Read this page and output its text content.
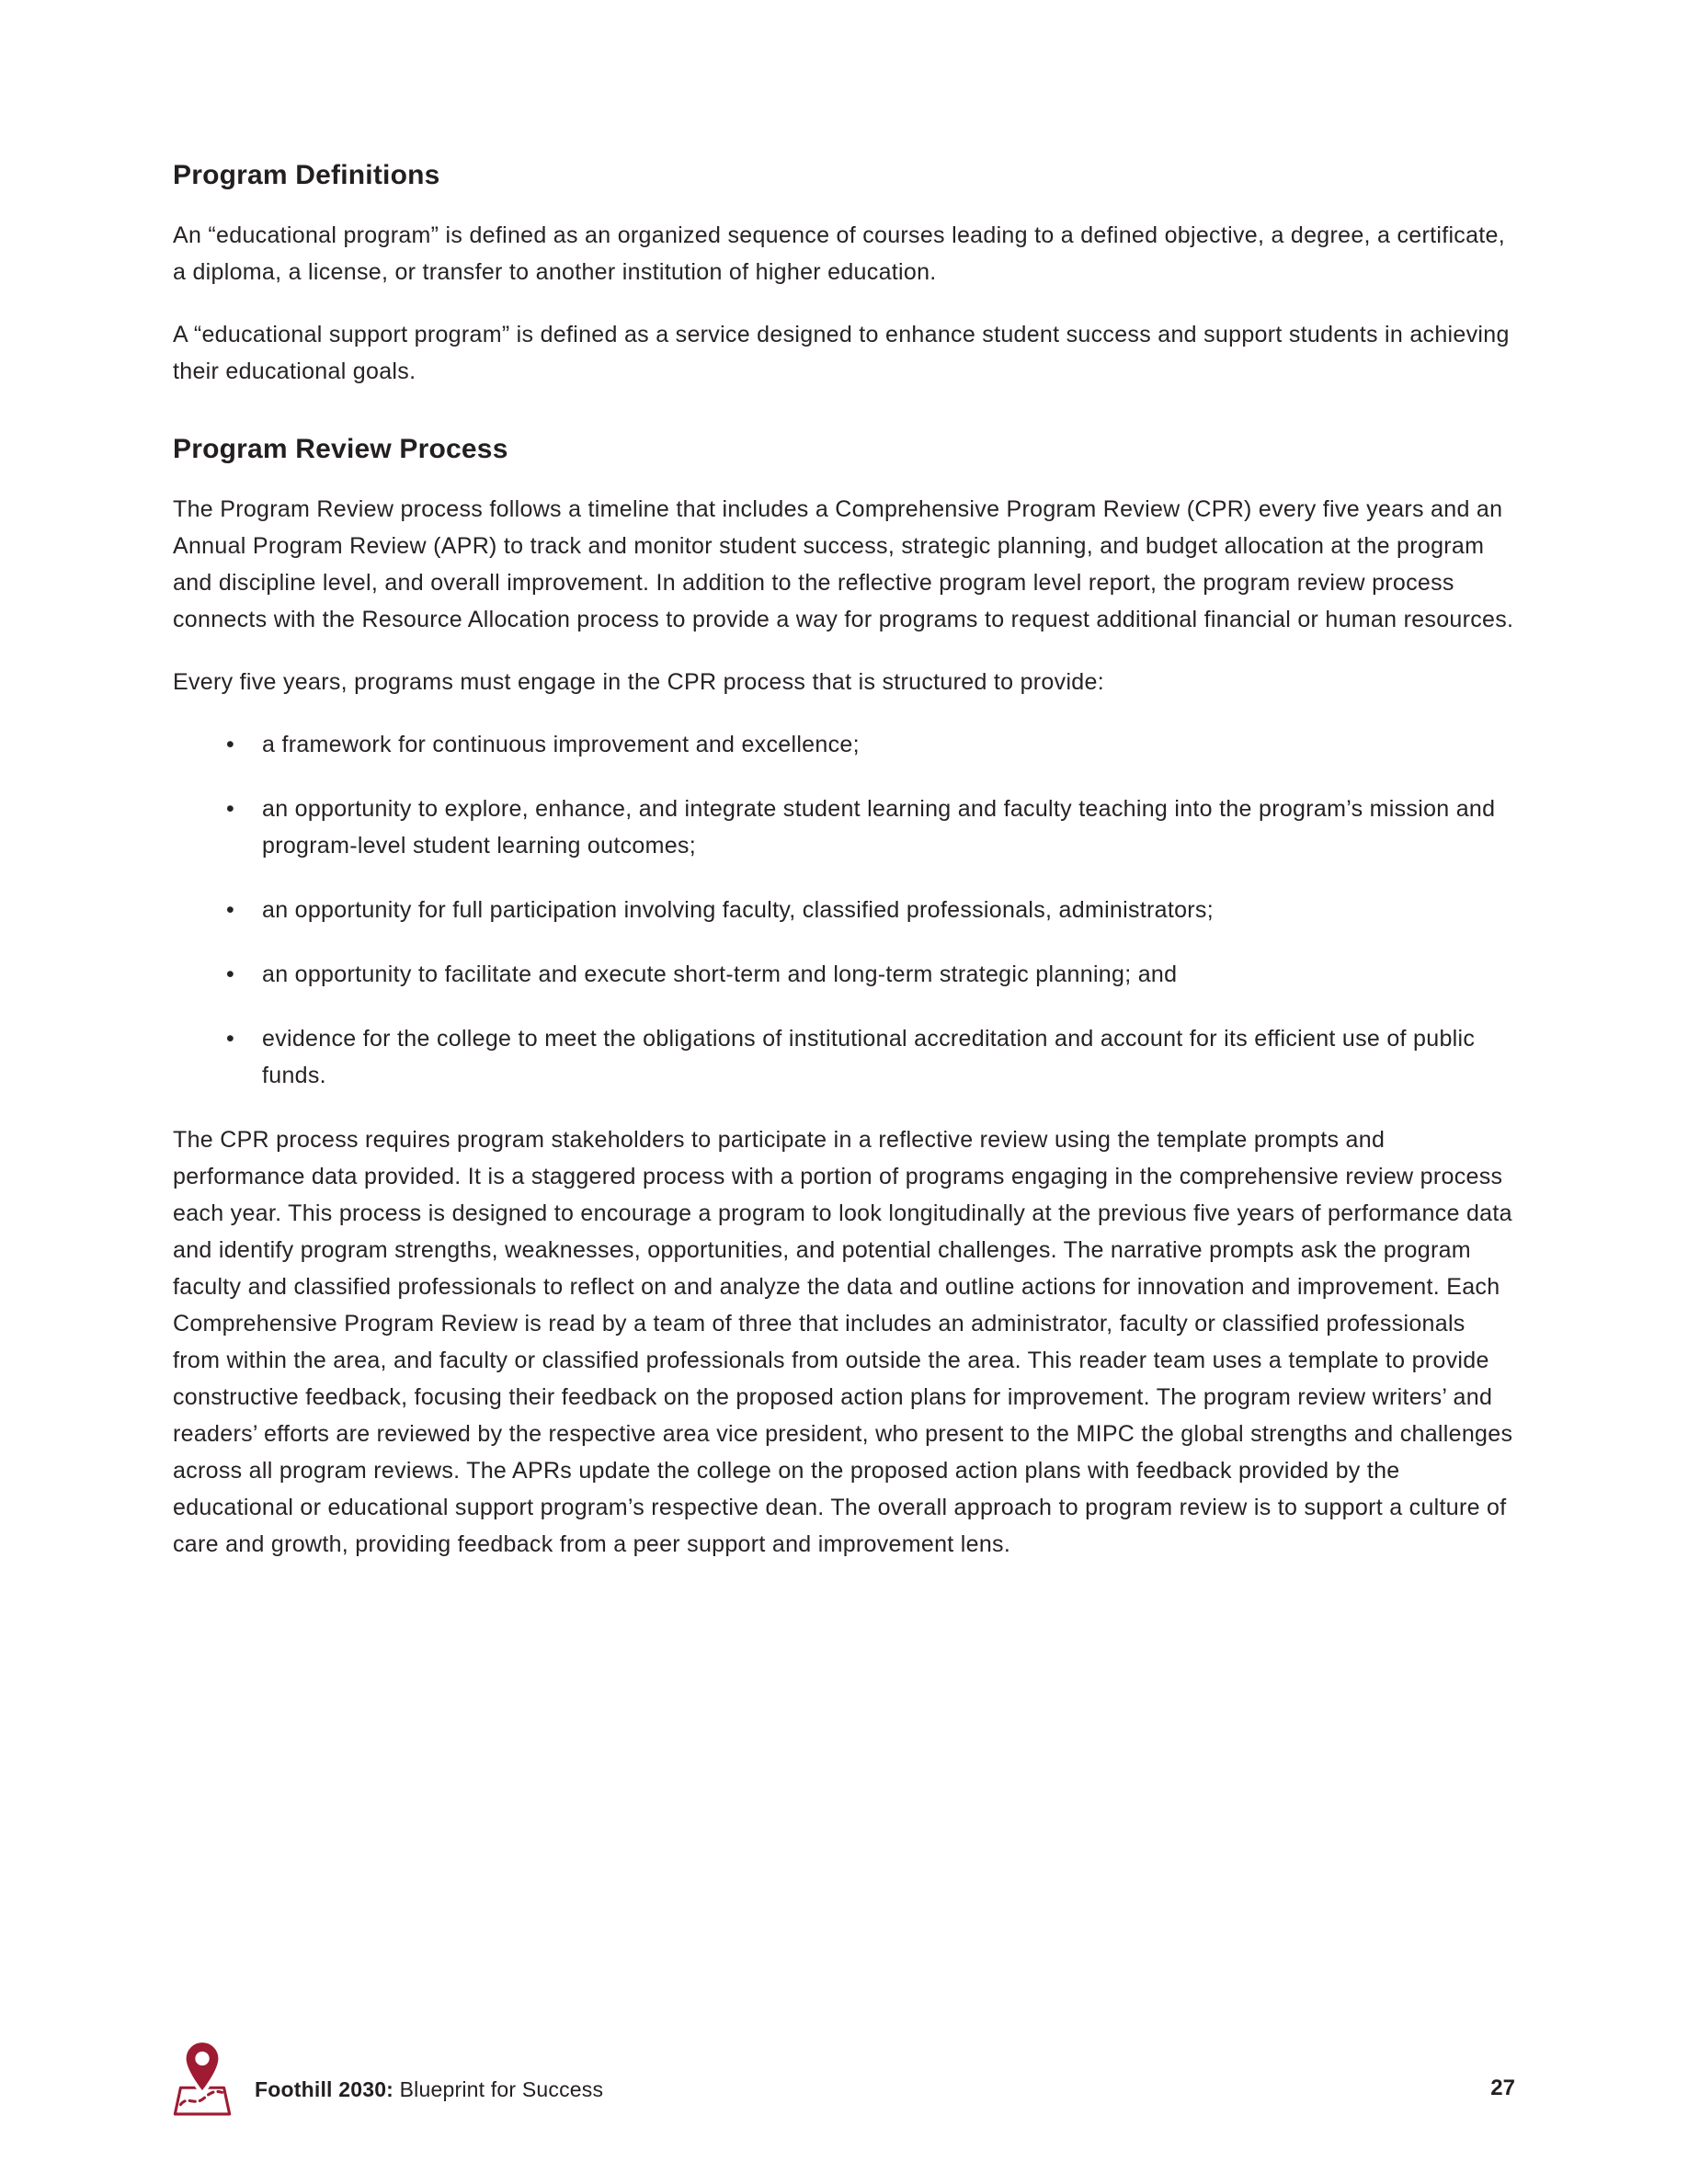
Program Definitions

An “educational program” is defined as an organized sequence of courses leading to a defined objective, a degree, a certificate, a diploma, a license, or transfer to another institution of higher education.

A “educational support program” is defined as a service designed to enhance student success and support students in achieving their educational goals.

Program Review Process

The Program Review process follows a timeline that includes a Comprehensive Program Review (CPR) every five years and an Annual Program Review (APR) to track and monitor student success, strategic planning, and budget allocation at the program and discipline level, and overall improvement. In addition to the reflective program level report, the program review process connects with the Resource Allocation process to provide a way for programs to request additional financial or human resources.

Every five years, programs must engage in the CPR process that is structured to provide:

• a framework for continuous improvement and excellence;
• an opportunity to explore, enhance, and integrate student learning and faculty teaching into the program’s mission and program-level student learning outcomes;
• an opportunity for full participation involving faculty, classified professionals, administrators;
• an opportunity to facilitate and execute short-term and long-term strategic planning; and
• evidence for the college to meet the obligations of institutional accreditation and account for its efficient use of public funds.

The CPR process requires program stakeholders to participate in a reflective review using the template prompts and performance data provided. It is a staggered process with a portion of programs engaging in the comprehensive review process each year. This process is designed to encourage a program to look longitudinally at the previous five years of performance data and identify program strengths, weaknesses, opportunities, and potential challenges. The narrative prompts ask the program faculty and classified professionals to reflect on and analyze the data and outline actions for innovation and improvement. Each Comprehensive Program Review is read by a team of three that includes an administrator, faculty or classified professionals from within the area, and faculty or classified professionals from outside the area. This reader team uses a template to provide constructive feedback, focusing their feedback on the proposed action plans for improvement. The program review writers’ and readers’ efforts are reviewed by the respective area vice president, who present to the MIPC the global strengths and challenges across all program reviews. The APRs update the college on the proposed action plans with feedback provided by the educational or educational support program’s respective dean. The overall approach to program review is to support a culture of care and growth, providing feedback from a peer support and improvement lens.

Foothill 2030: Blueprint for Success	27
